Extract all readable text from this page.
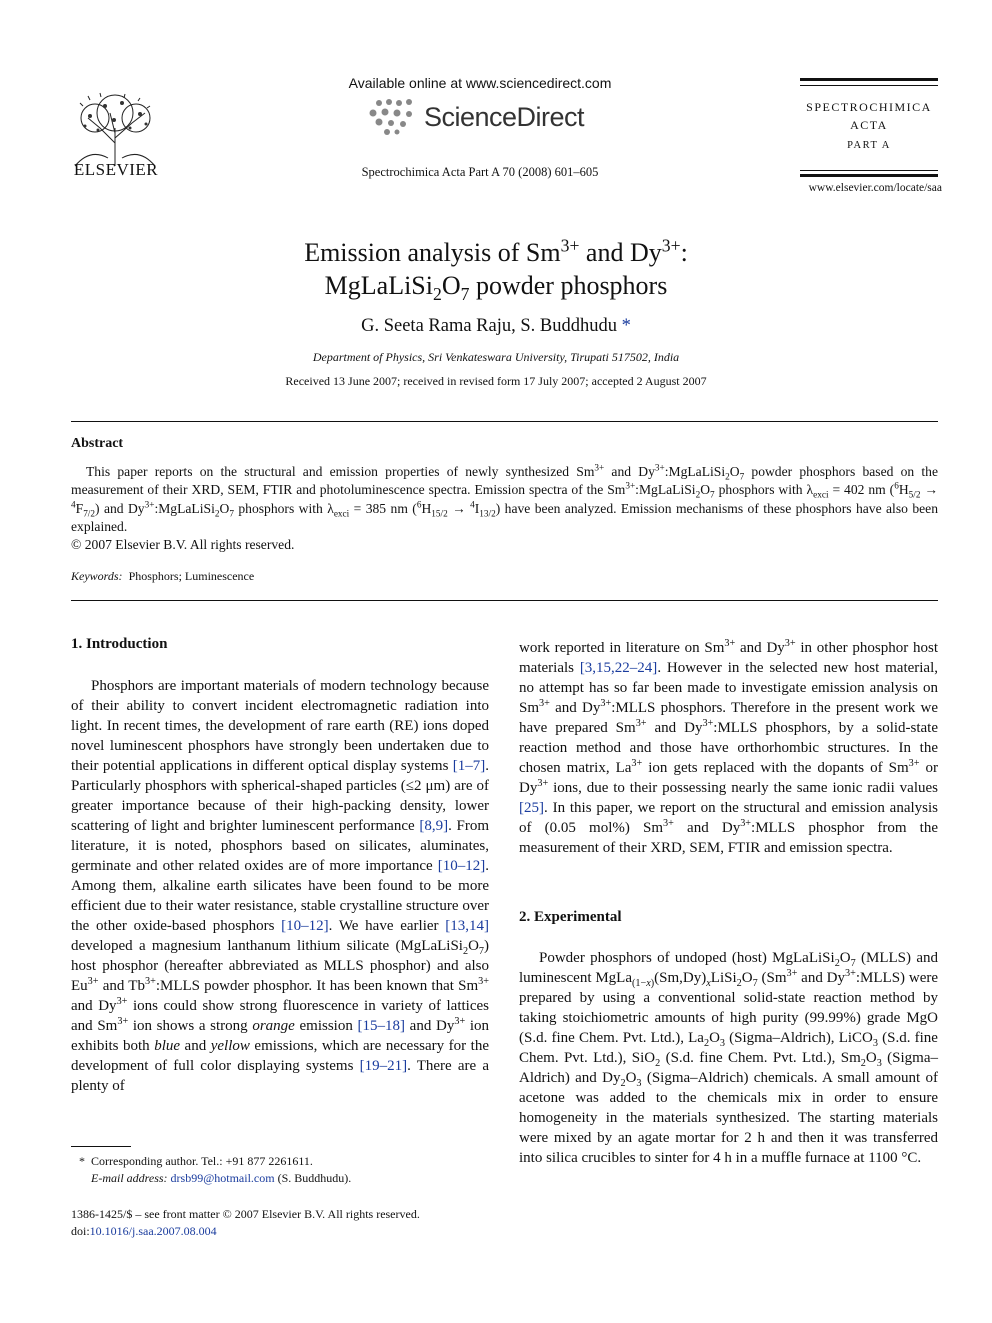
ELSEVIER
Available online at www.sciencedirect.com
ScienceDirect
Spectrochimica Acta Part A 70 (2008) 601–605
SPECTROCHIMICA
ACTA
PART A
www.elsevier.com/locate/saa
Emission analysis of $Sm^{3+}$ and $Dy^{3+}$:
$MgLaLiSi_2O_7$ powder phosphors
G. Seeta Rama Raju, S. Buddhudu *
Department of Physics, Sri Venkateswara University, Tirupati 517502, India
Received 13 June 2007; received in revised form 17 July 2007; accepted 2 August 2007
Abstract

This paper reports on the structural and emission properties of newly synthesized $Sm^{3+}$ and $Dy^{3+}:MgLaLiSi_2O_7$ powder phosphors based on the measurement of their XRD, SEM, FTIR and photoluminescence spectra. Emission spectra of the $Sm^{3+}:MgLaLiSi_2O_7$ phosphors with $\lambda_{exci} = 402$ nm $(^6H_{5/2} \to ^4F_{7/2})$ and $Dy^{3+}:MgLaLiSi_2O_7$ phosphors with $\lambda_{exci} = 385$ nm $(^6H_{15/2} \to ^4I_{13/2})$ have been analyzed. Emission mechanisms of these phosphors have also been explained.

© 2007 Elsevier B.V. All rights reserved.
Keywords: Phosphors; Luminescence
1. Introduction

Phosphors are important materials of modern technology because of their ability to convert incident electromagnetic radiation into light. In recent times, the development of rare earth (RE) ions doped novel luminescent phosphors have strongly been undertaken due to their potential applications in different optical display systems [1–7]. Particularly phosphors with spherical-shaped particles (≤2 μm) are of greater importance because of their high-packing density, lower scattering of light and brighter luminescent performance [8,9]. From literature, it is noted, phosphors based on silicates, aluminates, germinate and other related oxides are of more importance [10–12]. Among them, alkaline earth silicates have been found to be more efficient due to their water resistance, stable crystalline structure over the other oxide-based phosphors [10–12]. We have earlier [13,14] developed a magnesium lanthanum lithium silicate $(MgLaLiSi_2O_7)$ host phosphor (hereafter abbreviated as MLLS phosphor) and also $Eu^{3+}$ and $Tb^{3+}:MLLS$ powder phosphor. It has been known that $Sm^{3+}$ and $Dy^{3+}$ ions could show strong fluorescence in variety of lattices and $Sm^{3+}$ ion shows a strong orange emission [15–18] and $Dy^{3+}$ ion exhibits both blue and yellow emissions, which are necessary for the development of full color displaying systems [19–21]. There are a plenty of

* Corresponding author. Tel.: +91 877 2261611.
E-mail address: drsb99@hotmail.com (S. Buddhudu).
1386-1425/$ – see front matter © 2007 Elsevier B.V. All rights reserved.
doi:10.1016/j.saa.2007.08.004

work reported in literature on $Sm^{3+}$ and $Dy^{3+}$ in other phosphor host materials [3,15,22–24]. However in the selected new host material, no attempt has so far been made to investigate emission analysis on $Sm^{3+}$ and $Dy^{3+}:MLLS$ phosphors. Therefore in the present work we have prepared $Sm^{3+}$ and $Dy^{3+}:MLLS$ phosphors, by a solid-state reaction method and those have orthorhombic structures. In the chosen matrix, $La^{3+}$ ion gets replaced with the dopants of $Sm^{3+}$ or $Dy^{3+}$ ions, due to their possessing nearly the same ionic radii values [25]. In this paper, we report on the structural and emission analysis of (0.05 mol%) $Sm^{3+}$ and $Dy^{3+}:MLLS$ phosphor from the measurement of their XRD, SEM, FTIR and emission spectra.

2. Experimental

Powder phosphors of undoped (host) $MgLaLiSi_2O_7$ (MLLS) and luminescent $MgLa_{(1-x)}(Sm,Dy)_xLiSi_2O_7$ ($Sm^{3+}$ and $Dy^{3+}:MLLS$) were prepared by using a conventional solid-state reaction method by taking stoichiometric amounts of high purity (99.99%) grade MgO (S.d. fine Chem. Pvt. Ltd.), $La_2O_3$ (Sigma–Aldrich), LiCO$_3$ (S.d. fine Chem. Pvt. Ltd.), SiO$_2$ (S.d. fine Chem. Pvt. Ltd.), $Sm_2O_3$ (Sigma–Aldrich) and $Dy_2O_3$ (Sigma–Aldrich) chemicals. A small amount of acetone was added to the chemicals mix in order to ensure homogeneity in the materials synthesized. The starting materials were mixed by an agate mortar for 2 h and then it was transferred into silica crucibles to sinter for 4 h in a muffle furnace at 1100 °C.
